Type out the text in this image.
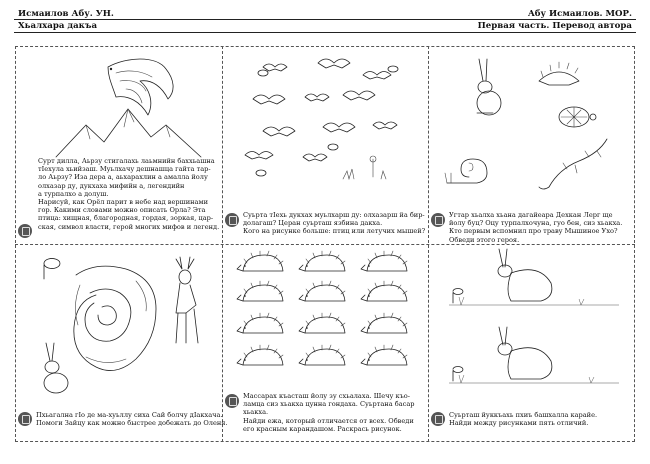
Исмаилов Абу. УН.
Хьалхара дакъа
Абу Исмаилов. МОР.
Первая часть. Перевод автора
Сурт дилла, Аьрзу стигалахь лаьмнийн баххьашна
тIехула хьийзаш. Муьлхачу дешнашца гайта тар-
ло Аьрзу? Иза дера а, аьхарахлин а амалла йолу
олхазар ду, дукхаха мифийн а, легендийн
а турпалхо а долуш.
Нарисуй, как Орёл парит в небе над вершинами
гор. Какими словами можно описать Орла? Эта
птица: хищная, благородная, гордая, зоркая, цар-
ская, символ власти, герой многих мифов и легенд.
Суьрта тIехь дукхах муьлхарш ду: олхазарш йа бир-
долагаш? Церан суьрташ язбина дакха.
Кого на рисунке больше: птиц или летучих мышей?
Угтар хьалха хьана дагайеара Дехкан Лерг ще
йолу буц? Оцу турпалхочуна, гуо бен, сиз хьакха.
Кто первым вспомнил про траву Мышиное Ухо?
Обведи этого героя.
Пхьагална гIо де ма-хуьллу сиха Сай болчу дIакхача.
Помоги Зайцу как можно быстрее добежать до Оленя.
Массарах къасташ йолу зу схьалаха. Шечу къо-
ламца сиз хьакха цунна гондаха. Суьртана басар
хьакха.
Найди ежа, который отличается от всех. Обведи
его красным карандашом. Раскрась рисунок.
Суьрташ йуккъахь пхиъ башхалла карайе.
Найди между рисунками пять отличий.
